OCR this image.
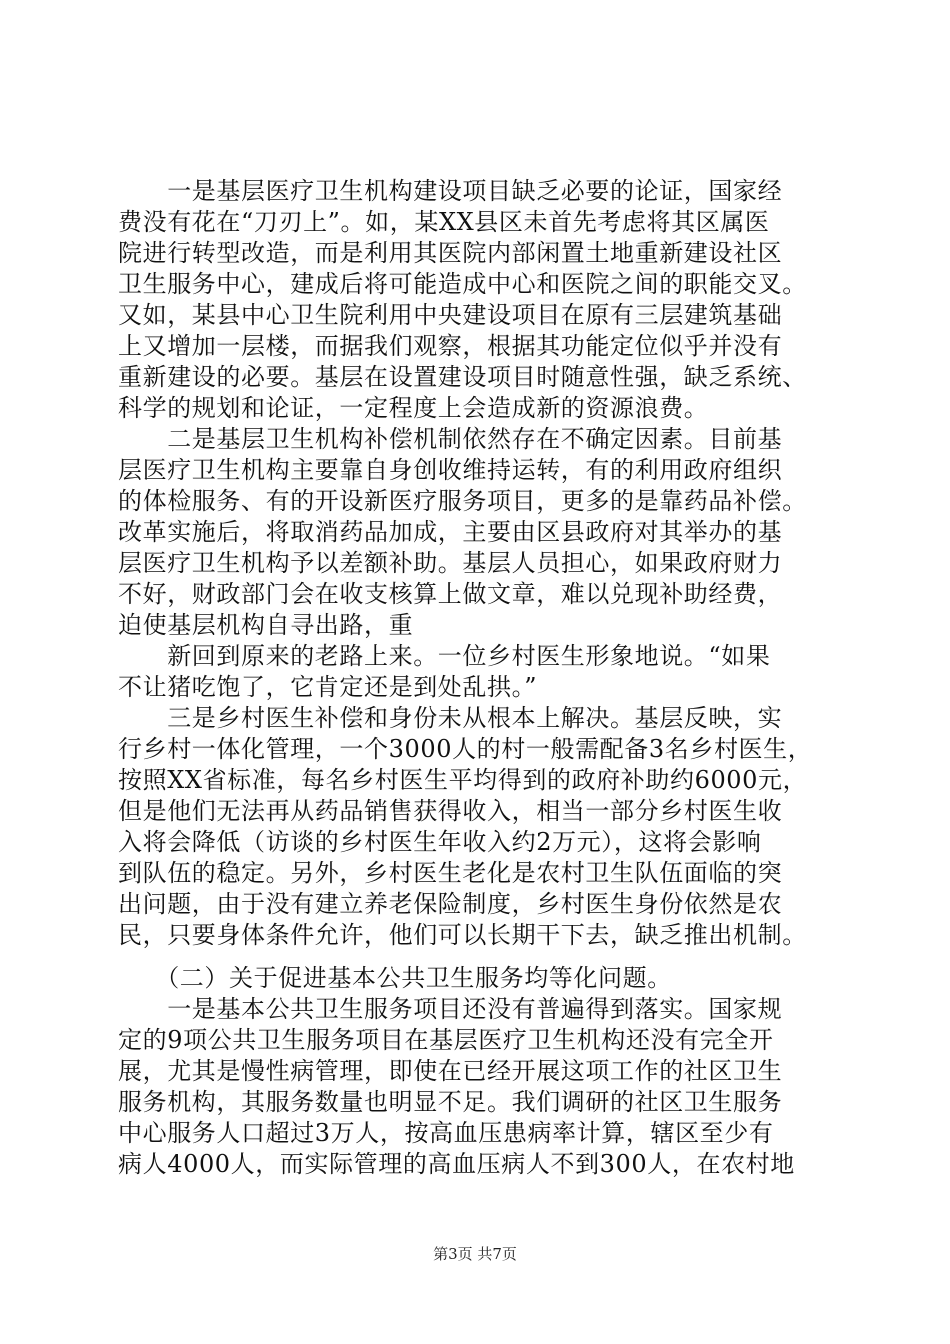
　　一是基层医疗卫生机构建设项目缺乏必要的论证，国家经
费没有花在“刀刃上”。如，某XX县区未首先考虑将其区属医
院进行转型改造，而是利用其医院内部闲置土地重新建设社区
卫生服务中心，建成后将可能造成中心和医院之间的职能交叉。
又如，某县中心卫生院利用中央建设项目在原有三层建筑基础
上又增加一层楼，而据我们观察，根据其功能定位似乎并没有
重新建设的必要。基层在设置建设项目时随意性强，缺乏系统、
科学的规划和论证，一定程度上会造成新的资源浪费。
　　二是基层卫生机构补偿机制依然存在不确定因素。目前基
层医疗卫生机构主要靠自身创收维持运转，有的利用政府组织
的体检服务、有的开设新医疗服务项目，更多的是靠药品补偿。
改革实施后，将取消药品加成，主要由区县政府对其举办的基
层医疗卫生机构予以差额补助。基层人员担心，如果政府财力
不好，财政部门会在收支核算上做文章，难以兑现补助经费，
迫使基层机构自寻出路，重
　　新回到原来的老路上来。一位乡村医生形象地说。“如果
不让猪吃饱了，它肯定还是到处乱拱。”
　　三是乡村医生补偿和身份未从根本上解决。基层反映，实
行乡村一体化管理，一个3000人的村一般需配备3名乡村医生，
按照XX省标准，每名乡村医生平均得到的政府补助约6000元，
但是他们无法再从药品销售获得收入，相当一部分乡村医生收
入将会降低（访谈的乡村医生年收入约2万元），这将会影响
到队伍的稳定。另外，乡村医生老化是农村卫生队伍面临的突
出问题，由于没有建立养老保险制度，乡村医生身份依然是农
民，只要身体条件允许，他们可以长期干下去，缺乏推出机制。
　　（二）关于促进基本公共卫生服务均等化问题。
　　一是基本公共卫生服务项目还没有普遍得到落实。国家规
定的9项公共卫生服务项目在基层医疗卫生机构还没有完全开
展，尤其是慢性病管理，即使在已经开展这项工作的社区卫生
服务机构，其服务数量也明显不足。我们调研的社区卫生服务
中心服务人口超过3万人，按高血压患病率计算，辖区至少有
病人4000人，而实际管理的高血压病人不到300人，在农村地
第3页 共7页
